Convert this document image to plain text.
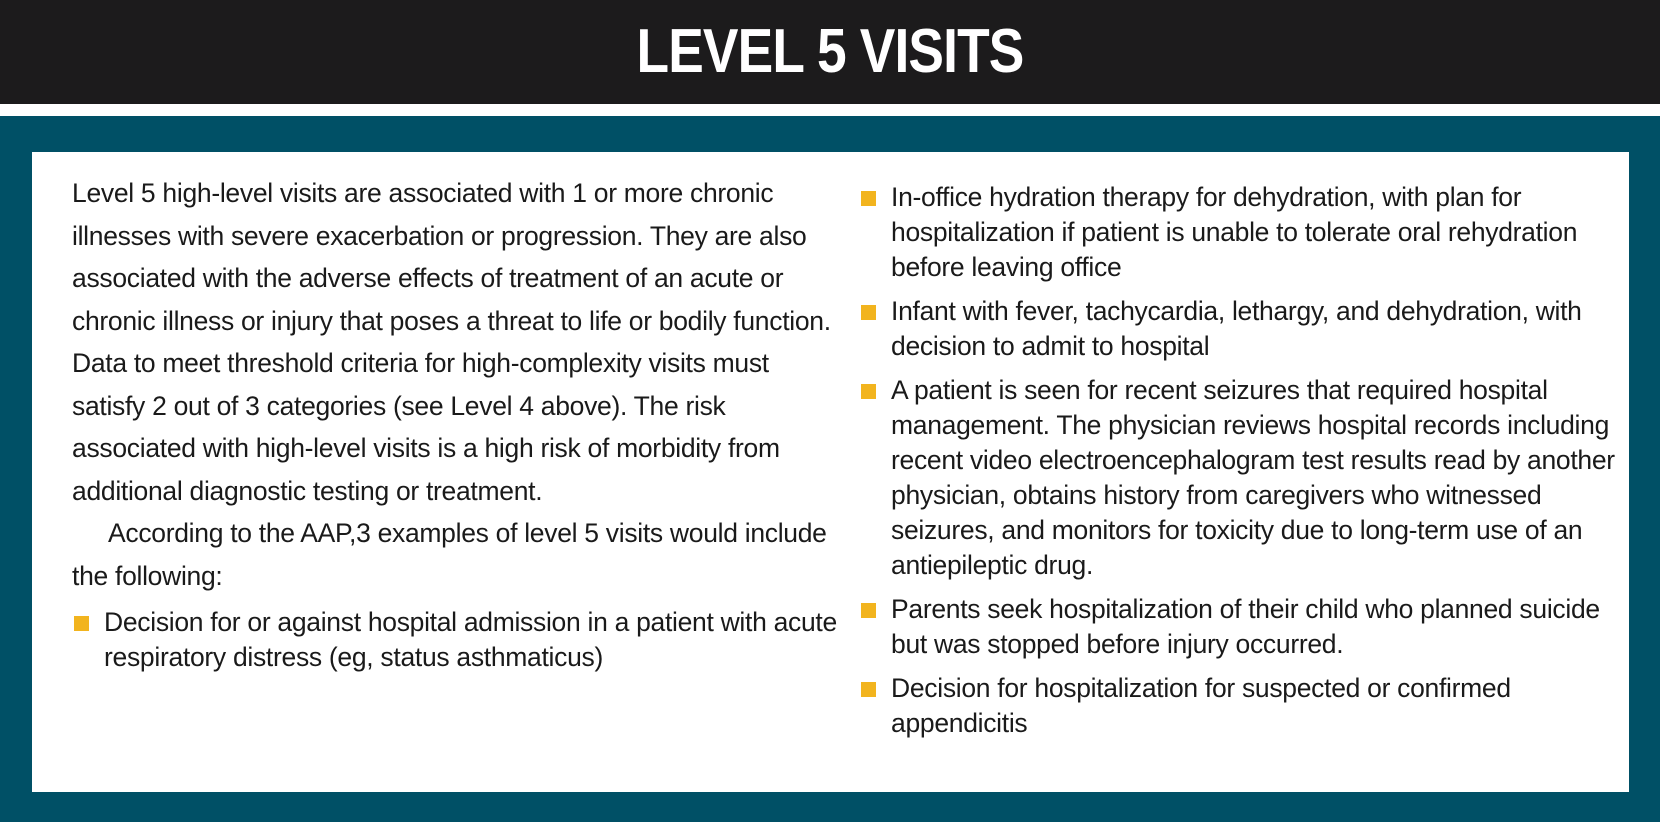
LEVEL 5 VISITS

Level 5 high-level visits are associated with 1 or more chronic illnesses with severe exacerbation or progression. They are also associated with the adverse effects of treatment of an acute or chronic illness or injury that poses a threat to life or bodily function. Data to meet threshold criteria for high-complexity visits must satisfy 2 out of 3 categories (see Level 4 above). The risk associated with high-level visits is a high risk of morbidity from additional diagnostic testing or treatment.

According to the AAP,3 examples of level 5 visits would include the following:

Decision for or against hospital admission in a patient with acute respiratory distress (eg, status asthmaticus)
In-office hydration therapy for dehydration, with plan for hospitalization if patient is unable to tolerate oral rehydration before leaving office
Infant with fever, tachycardia, lethargy, and dehydration, with decision to admit to hospital
A patient is seen for recent seizures that required hospital management. The physician reviews hospital records including recent video electroencephalogram test results read by another physician, obtains history from caregivers who witnessed seizures, and monitors for toxicity due to long-term use of an antiepileptic drug.
Parents seek hospitalization of their child who planned suicide but was stopped before injury occurred.
Decision for hospitalization for suspected or confirmed appendicitis
